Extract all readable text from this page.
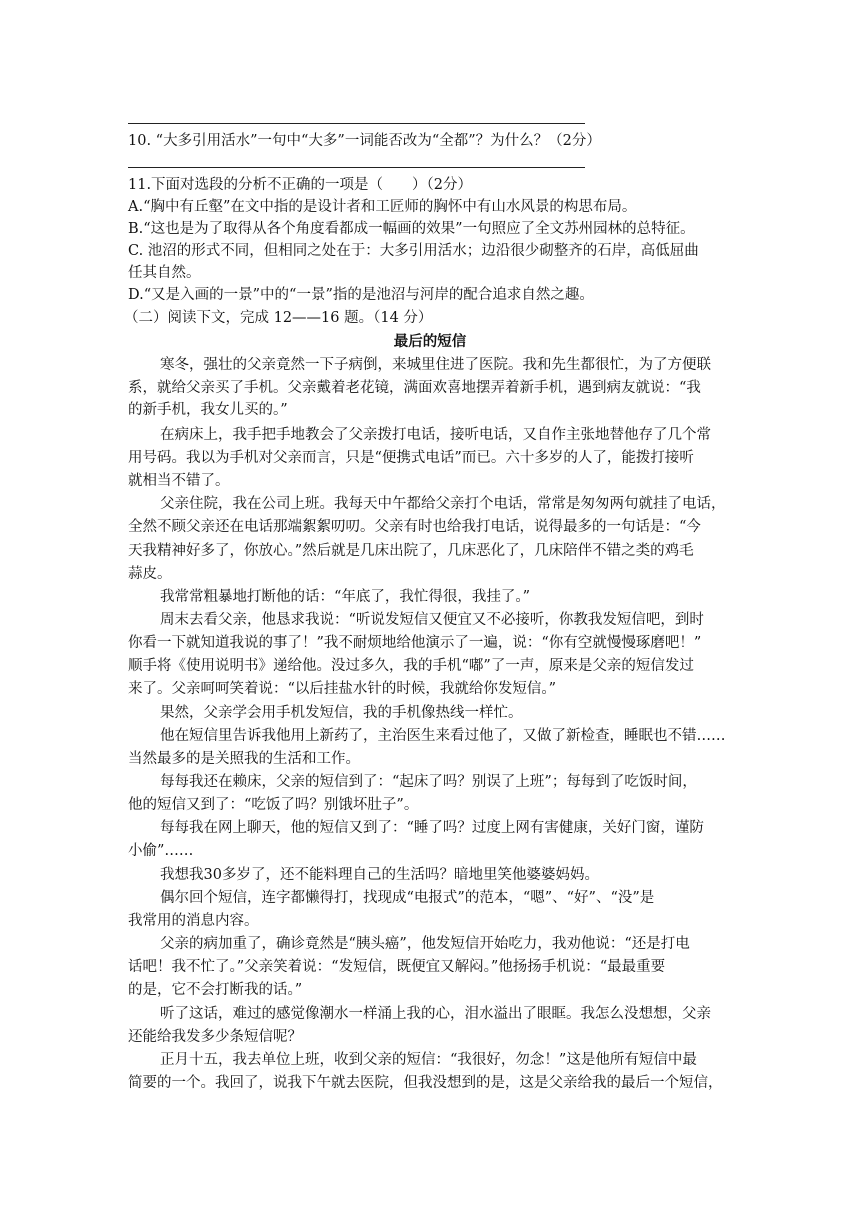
10. “大多引用活水”一句中“大多”一词能否改为“全都”？为什么？（2分）
11.下面对选段的分析不正确的一项是（　　）（2分）
A.“胸中有丘壑”在文中指的是设计者和工匠师的胸怀中有山水风景的构思布局。
B.“这也是为了取得从各个角度看都成一幅画的效果”一句照应了全文苏州园林的总特征。
C. 池沼的形式不同，但相同之处在于：大多引用活水；边沿很少砌整齐的石岸，高低屈曲
任其自然。
D.“又是入画的一景”中的“一景”指的是池沼与河岸的配合追求自然之趣。
（二）阅读下文，完成 12——16 题。（14 分）
最后的短信
寒冬，强壮的父亲竟然一下子病倒，来城里住进了医院。我和先生都很忙，为了方便联
系，就给父亲买了手机。父亲戴着老花镜，满面欢喜地摆弄着新手机，遇到病友就说：“我
的新手机，我女儿买的。”
在病床上，我手把手地教会了父亲拨打电话，接听电话，又自作主张地替他存了几个常
用号码。我以为手机对父亲而言，只是“便携式电话”而已。六十多岁的人了，能拨打接听
就相当不错了。
父亲住院，我在公司上班。我每天中午都给父亲打个电话，常常是匆匆两句就挂了电话，
全然不顾父亲还在电话那端絮絮叨叨。父亲有时也给我打电话，说得最多的一句话是：“今
天我精神好多了，你放心。”然后就是几床出院了，几床恶化了，几床陪伴不错之类的鸡毛
蒜皮。
我常常粗暴地打断他的话：“年底了，我忙得很，我挂了。”
周末去看父亲，他恳求我说：“听说发短信又便宜又不必接听，你教我发短信吧，到时
你看一下就知道我说的事了！”我不耐烦地给他演示了一遍，说：“你有空就慢慢琢磨吧！”
顺手将《使用说明书》递给他。没过多久，我的手机“嘟”了一声，原来是父亲的短信发过
来了。父亲呵呵笑着说：“以后挂盐水针的时候，我就给你发短信。”
果然，父亲学会用手机发短信，我的手机像热线一样忙。
他在短信里告诉我他用上新药了，主治医生来看过他了，又做了新检查，睡眠也不错……
当然最多的是关照我的生活和工作。
每每我还在赖床，父亲的短信到了：“起床了吗？别误了上班”；每每到了吃饭时间，
他的短信又到了：“吃饭了吗？别饿坏肚子”。
每每我在网上聊天，他的短信又到了：“睡了吗？过度上网有害健康，关好门窗，谨防
小偷”……
我想我30多岁了，还不能料理自己的生活吗？暗地里笑他婆婆妈妈。
偶尔回个短信，连字都懒得打，找现成“电报式”的范本，“嗯”、“好”、“没”是
我常用的消息内容。
父亲的病加重了，确诊竟然是“胰头癌”，他发短信开始吃力，我劝他说：“还是打电
话吧！我不忙了。”父亲笑着说：“发短信，既便宜又解闷。”他扬扬手机说：“最最重要
的是，它不会打断我的话。”
听了这话，难过的感觉像潮水一样涌上我的心，泪水溢出了眼眶。我怎么没想想，父亲
还能给我发多少条短信呢？
正月十五，我去单位上班，收到父亲的短信：“我很好，勿念！”这是他所有短信中最
简要的一个。我回了，说我下午就去医院，但我没想到的是，这是父亲给我的最后一个短信，
